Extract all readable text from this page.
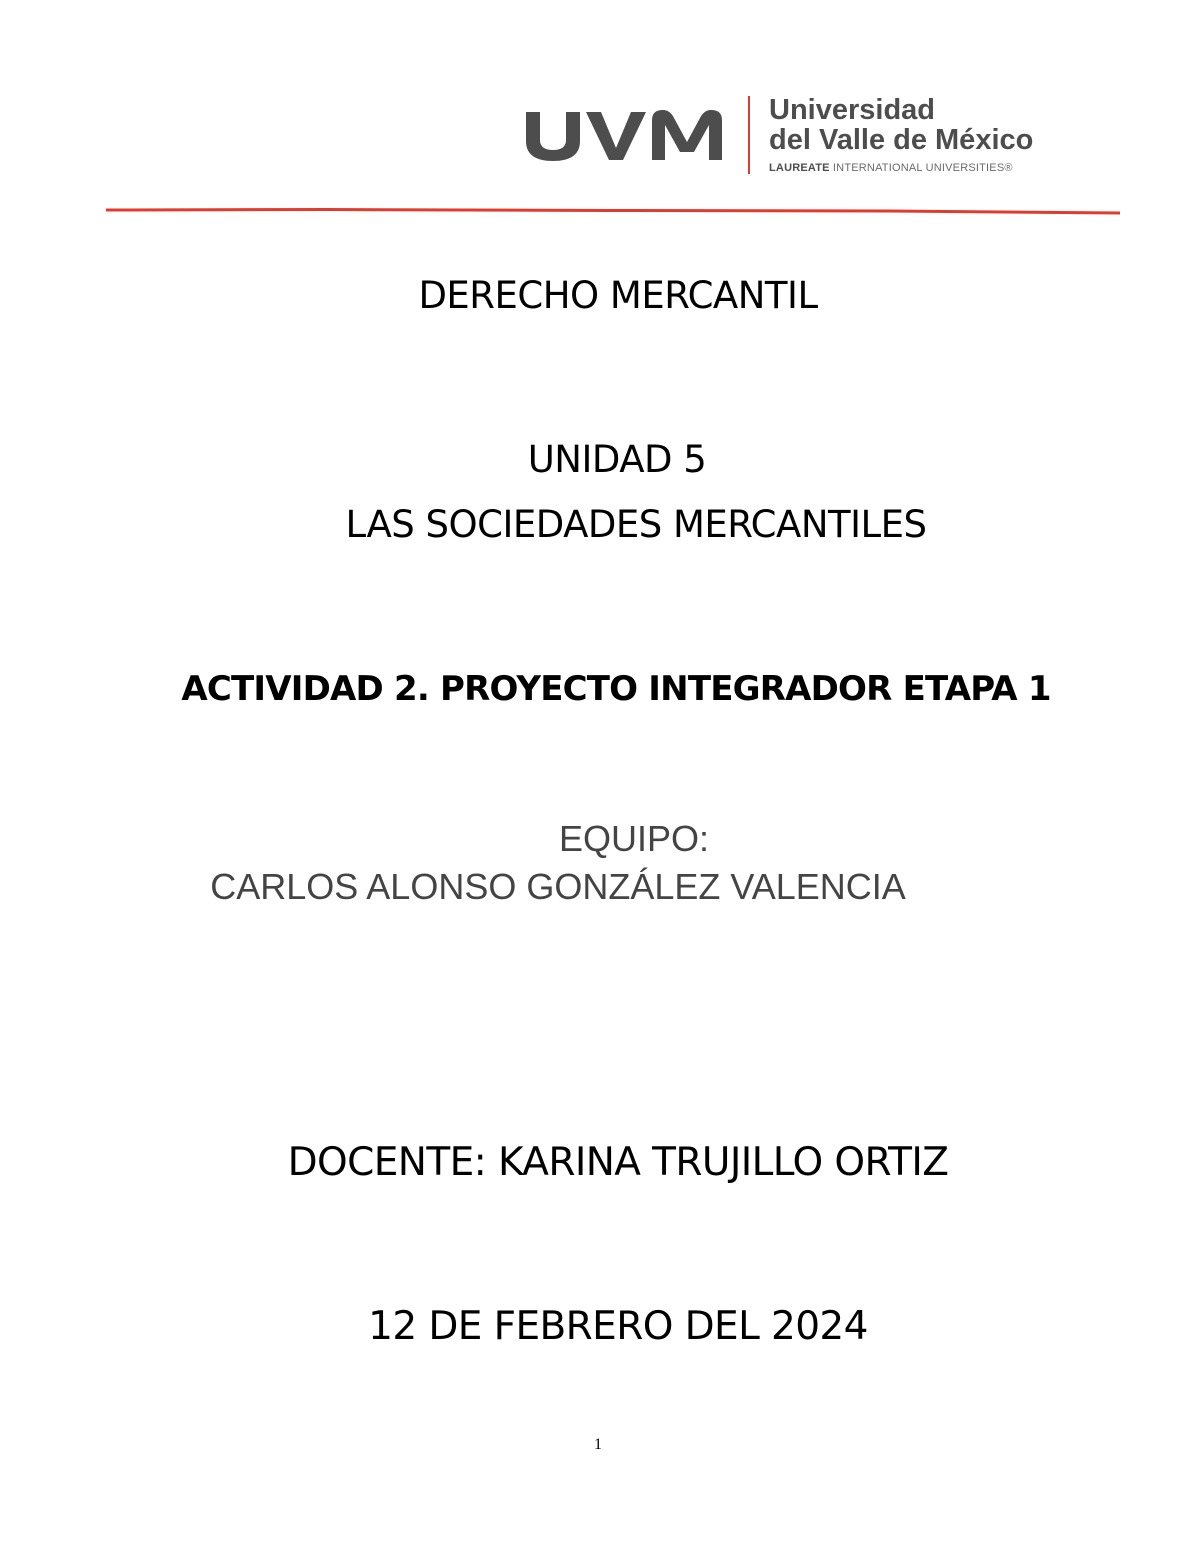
Universidad
del Valle de México
LAUREATE INTERNATIONAL UNIVERSITIES®
DERECHO MERCANTIL
UNIDAD 5
LAS SOCIEDADES MERCANTILES
ACTIVIDAD 2. PROYECTO INTEGRADOR ETAPA 1
EQUIPO:
CARLOS ALONSO GONZÁLEZ VALENCIA
DOCENTE: KARINA TRUJILLO ORTIZ
12 DE FEBRERO DEL 2024
1
